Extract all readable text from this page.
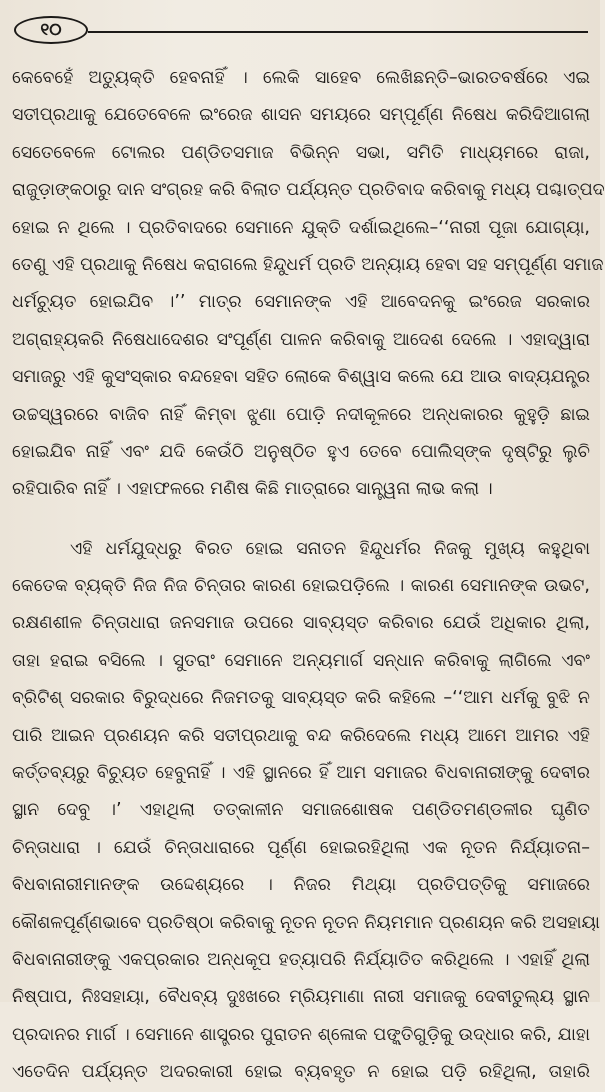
୧୦
କେବେହେଁ ଅତ୍ୟୁକ୍ତି ହେବନାହିଁ । ଲେକି ସାହେବ ଲେଖିଛନ୍ତି–ଭାରତବର୍ଷରେ ଏଇ
ସତୀପ୍ରଥାକୁ ଯେତେବେଳେ ଇଂରେଜ ଶାସନ ସମୟରେ ସମ୍ପୂର୍ଣ୍ଣ ନିଷେଧ କରିଦିଆଗଲା
ସେତେବେଳେ ଟୋଲର ପଣ୍ଡିତସମାଜ ବିଭିନ୍ନ ସଭା, ସମିତି ମାଧ୍ୟମରେ ରାଜା,
ରାଜୁଡ଼ାଙ୍କଠାରୁ ଦାନ ସଂଗ୍ରହ କରି ବିଲାତ ପର୍ଯ୍ୟନ୍ତ ପ୍ରତିବାଦ କରିବାକୁ ମଧ୍ୟ ପଶ୍ଚାତ୍‌ପଦ
ହୋଇ ନ ଥିଲେ । ପ୍ରତିବାଦରେ ସେମାନେ ଯୁକ୍ତି ଦର୍ଶାଇଥିଲେ–‘‘ନାରୀ ପୂଜା ଯୋଗ୍ୟା,
ତେଣୁ ଏହି ପ୍ରଥାକୁ ନିଷେଧ କରାଗଲେ ହିନ୍ଦୁଧର୍ମ ପ୍ରତି ଅନ୍ୟାୟ ହେବା ସହ ସମ୍ପୂର୍ଣ୍ଣ ସମାଜ
ଧର୍ମଚ୍ୟୁତ ହୋଇଯିବ ।’’ ମାତ୍ର ସେମାନଙ୍କ ଏହି ଆବେଦନକୁ ଇଂରେଜ ସରକାର
ଅଗ୍ରାହ୍ୟକରି ନିଷେଧାଦେଶର ସଂପୂର୍ଣ୍ଣ ପାଳନ କରିବାକୁ ଆଦେଶ ଦେଲେ । ଏହାଦ୍ୱାରା
ସମାଜରୁ ଏହି କୁସଂସ୍କାର ବନ୍ଦହେବା ସହିତ ଲୋକେ ବିଶ୍ୱାସ କଲେ ଯେ ଆଉ ବାଦ୍ୟଯନ୍ତ୍ର
ଉଚ୍ଚସ୍ୱରରେ ବାଜିବ ନାହିଁ କିମ୍ବା ଝୁଣା ପୋଡ଼ି ନଦୀକୂଳରେ ଅନ୍ଧକାରର କୁହୁଡ଼ି ଛାଇ
ହୋଇଯିବ ନାହିଁ ଏବଂ ଯଦି କେଉଁଠି ଅନୁଷ୍ଠିତ ହୁଏ ତେବେ ପୋଲିସ୍‌ଙ୍କ ଦୃଷ୍ଟିରୁ ଲୁଚି
ରହିପାରିବ ନାହିଁ । ଏହାଫଳରେ ମଣିଷ କିଛି ମାତ୍ରାରେ ସାନ୍ତ୍ୱନା ଲାଭ କଲା ।
ଏହି ଧର୍ମଯୁଦ୍ଧରୁ ବିରତ ହୋଇ ସନାତନ ହିନ୍ଦୁଧର୍ମର ନିଜକୁ ମୁଖ୍ୟ କହୁଥିବା
କେତେକ ବ୍ୟକ୍ତି ନିଜ ନିଜ ଚିନ୍ତାର କାରଣ ହୋଇପଡ଼ିଲେ । କାରଣ ସେମାନଙ୍କ ଉଭଟ,
ରକ୍ଷଣଶୀଳ ଚିନ୍ତାଧାରା ଜନସମାଜ ଉପରେ ସାବ୍ୟସ୍ତ କରିବାର ଯେଉଁ ଅଧିକାର ଥିଲା,
ତାହା ହରାଇ ବସିଲେ । ସୁତରାଂ ସେମାନେ ଅନ୍ୟମାର୍ଗ ସନ୍ଧାନ କରିବାକୁ ଲାଗିଲେ ଏବଂ
ବ୍ରିଟିଶ୍ ସରକାର ବିରୁଦ୍ଧରେ ନିଜମତକୁ ସାବ୍ୟସ୍ତ କରି କହିଲେ –‘‘ଆମ ଧର୍ମକୁ ବୁଝି ନ
ପାରି ଆଇନ ପ୍ରଣୟନ କରି ସତୀପ୍ରଥାକୁ ବନ୍ଦ କରିଦେଲେ ମଧ୍ୟ ଆମେ ଆମର ଏହି
କର୍ତ୍ତବ୍ୟରୁ ବିଚ୍ୟୁତ ହେବୁନାହିଁ । ଏହି ସ୍ଥାନରେ ହିଁ ଆମ ସମାଜର ବିଧବାନାରୀଙ୍କୁ ଦେବୀର
ସ୍ଥାନ ଦେବୁ ।’ ଏହାଥିଲା ତତ୍କାଳୀନ ସମାଜଶୋଷକ ପଣ୍ଡିତମଣ୍ଡଳୀର ଘୃଣିତ
ଚିନ୍ତାଧାରା । ଯେଉଁ ଚିନ୍ତାଧାରାରେ ପୂର୍ଣ୍ଣ ହୋଇରହିଥିଲା ଏକ ନୂତନ ନିର୍ଯ୍ୟାତନା–
ବିଧବାନାରୀମାନଙ୍କ ଉଦ୍ଦେଶ୍ୟରେ । ନିଜର ମିଥ୍ୟା ପ୍ରତିପତ୍ତିକୁ ସମାଜରେ
କୌଶଳପୂର୍ଣ୍ଣଭାବେ ପ୍ରତିଷ୍ଠା କରିବାକୁ ନୂତନ ନୂତନ ନିୟମମାନ ପ୍ରଣୟନ କରି ଅସହାୟା
ବିଧବାନାରୀଙ୍କୁ ଏକପ୍ରକାର ଅନ୍ଧକୂପ ହତ୍ୟାପରି ନିର୍ଯ୍ୟାତିତ କରିଥିଲେ । ଏହାହିଁ ଥିଲା
ନିଷ୍ପାପ, ନିଃସହାୟା, ବୈଧବ୍ୟ ଦୁଃଖରେ ମ୍ରିୟମାଣା ନାରୀ ସମାଜକୁ ଦେବୀତୁଲ୍ୟ ସ୍ଥାନ
ପ୍ରଦାନର ମାର୍ଗ । ସେମାନେ ଶାସ୍ତ୍ରର ପୁରାତନ ଶ୍ଳୋକ ପଙ୍କ୍ତିଗୁଡ଼ିକୁ ଉଦ୍ଧାର କରି, ଯାହା
ଏତେଦିନ ପର୍ଯ୍ୟନ୍ତ ଅଦରକାରୀ ହୋଇ ବ୍ୟବହୃତ ନ ହୋଇ ପଡ଼ି ରହିଥିଲା, ତାହାରି
